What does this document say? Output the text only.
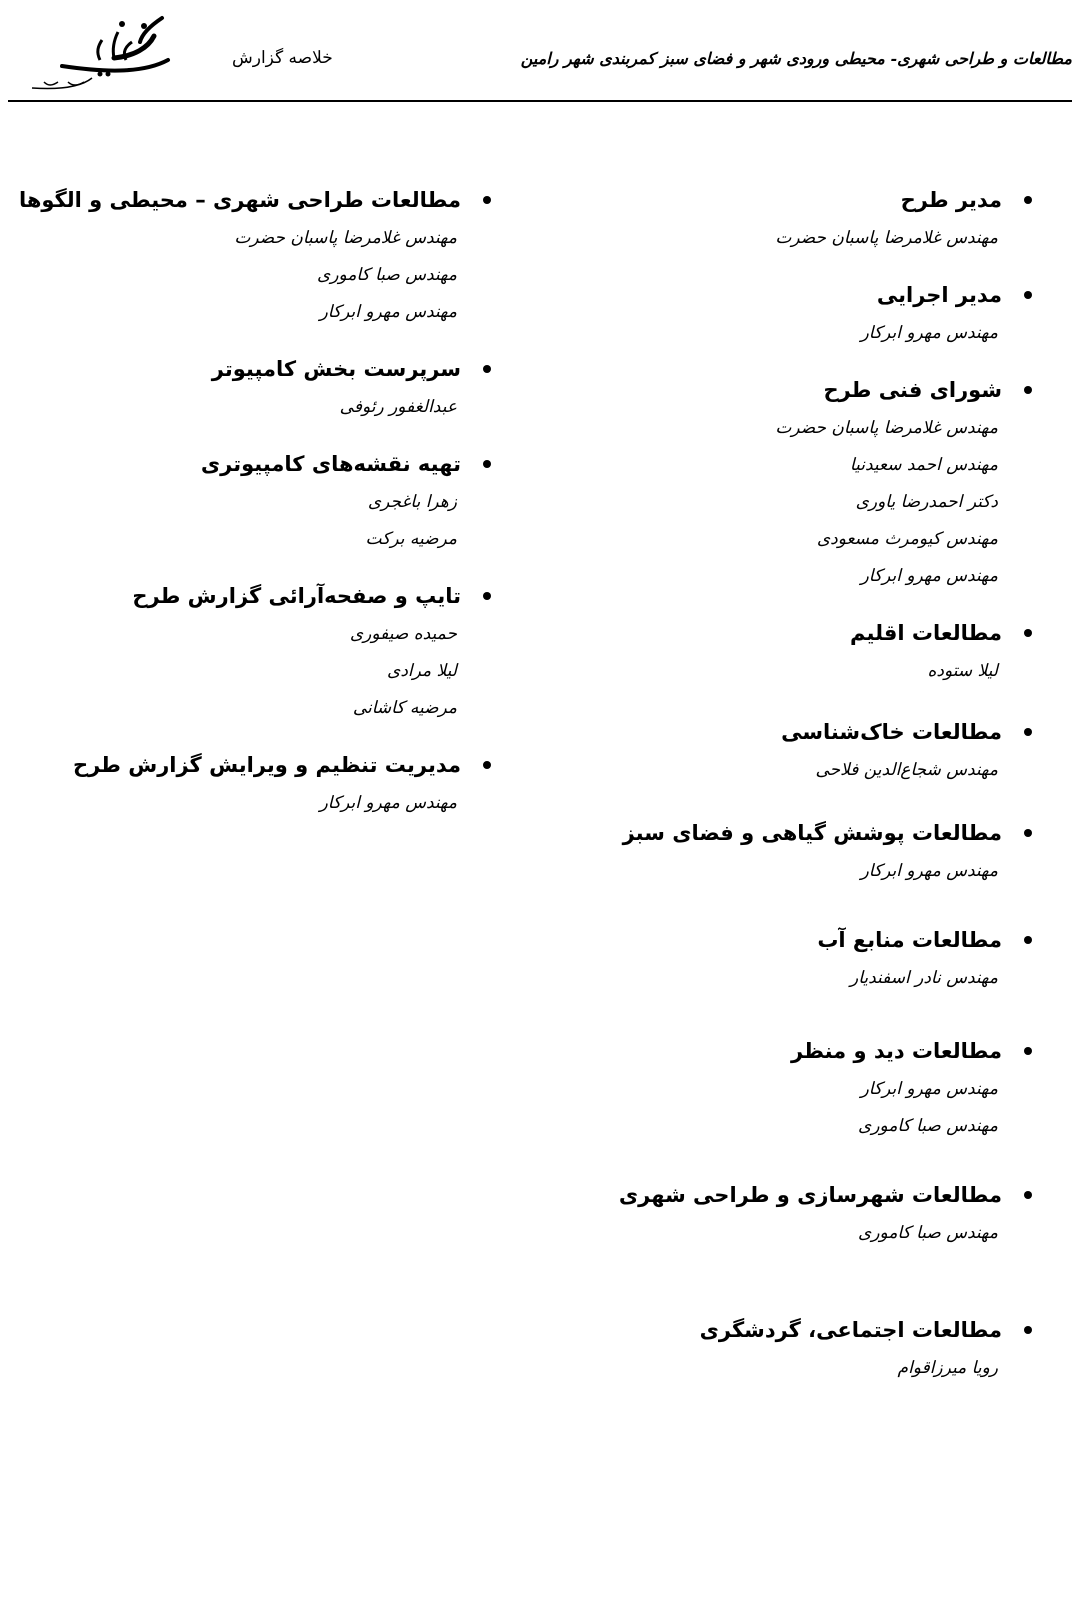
خلاصه گزارش	مطالعات و طراحی شهری- محیطی ورودی شهر و فضای سبز کمربندی شهر رامین
مدیر طرح
مهندس غلامرضا پاسبان حضرت
مدیر اجرایی
مهندس مهرو ابرکار
شورای فنی طرح
مهندس غلامرضا پاسبان حضرت
مهندس احمد سعیدنیا
دکتر احمدرضا یاوری
مهندس کیومرث مسعودی
مهندس مهرو ابرکار
مطالعات اقلیم
لیلا ستوده
مطالعات خاک‌شناسی
مهندس شجاع‌الدین فلاحی
مطالعات پوشش گیاهی و فضای سبز
مهندس مهرو ابرکار
مطالعات منابع آب
مهندس نادر اسفندیار
مطالعات دید و منظر
مهندس مهرو ابرکار
مهندس صبا کاموری
مطالعات شهرسازی و طراحی شهری
مهندس صبا کاموری
مطالعات اجتماعی، گردشگری
رویا میرزاقوام
مطالعات طراحی شهری – محیطی و الگوها
مهندس غلامرضا پاسبان حضرت
مهندس صبا کاموری
مهندس مهرو ابرکار
سرپرست بخش کامپیوتر
عبدالغفور رئوفی
تهیه نقشه‌های کامپیوتری
زهرا باغجری
مرضیه برکت
تایپ و صفحه‌آرائی گزارش طرح
حمیده صیفوری
لیلا مرادی
مرضیه کاشانی
مدیریت تنظیم و ویرایش گزارش طرح
مهندس مهرو ابرکار
